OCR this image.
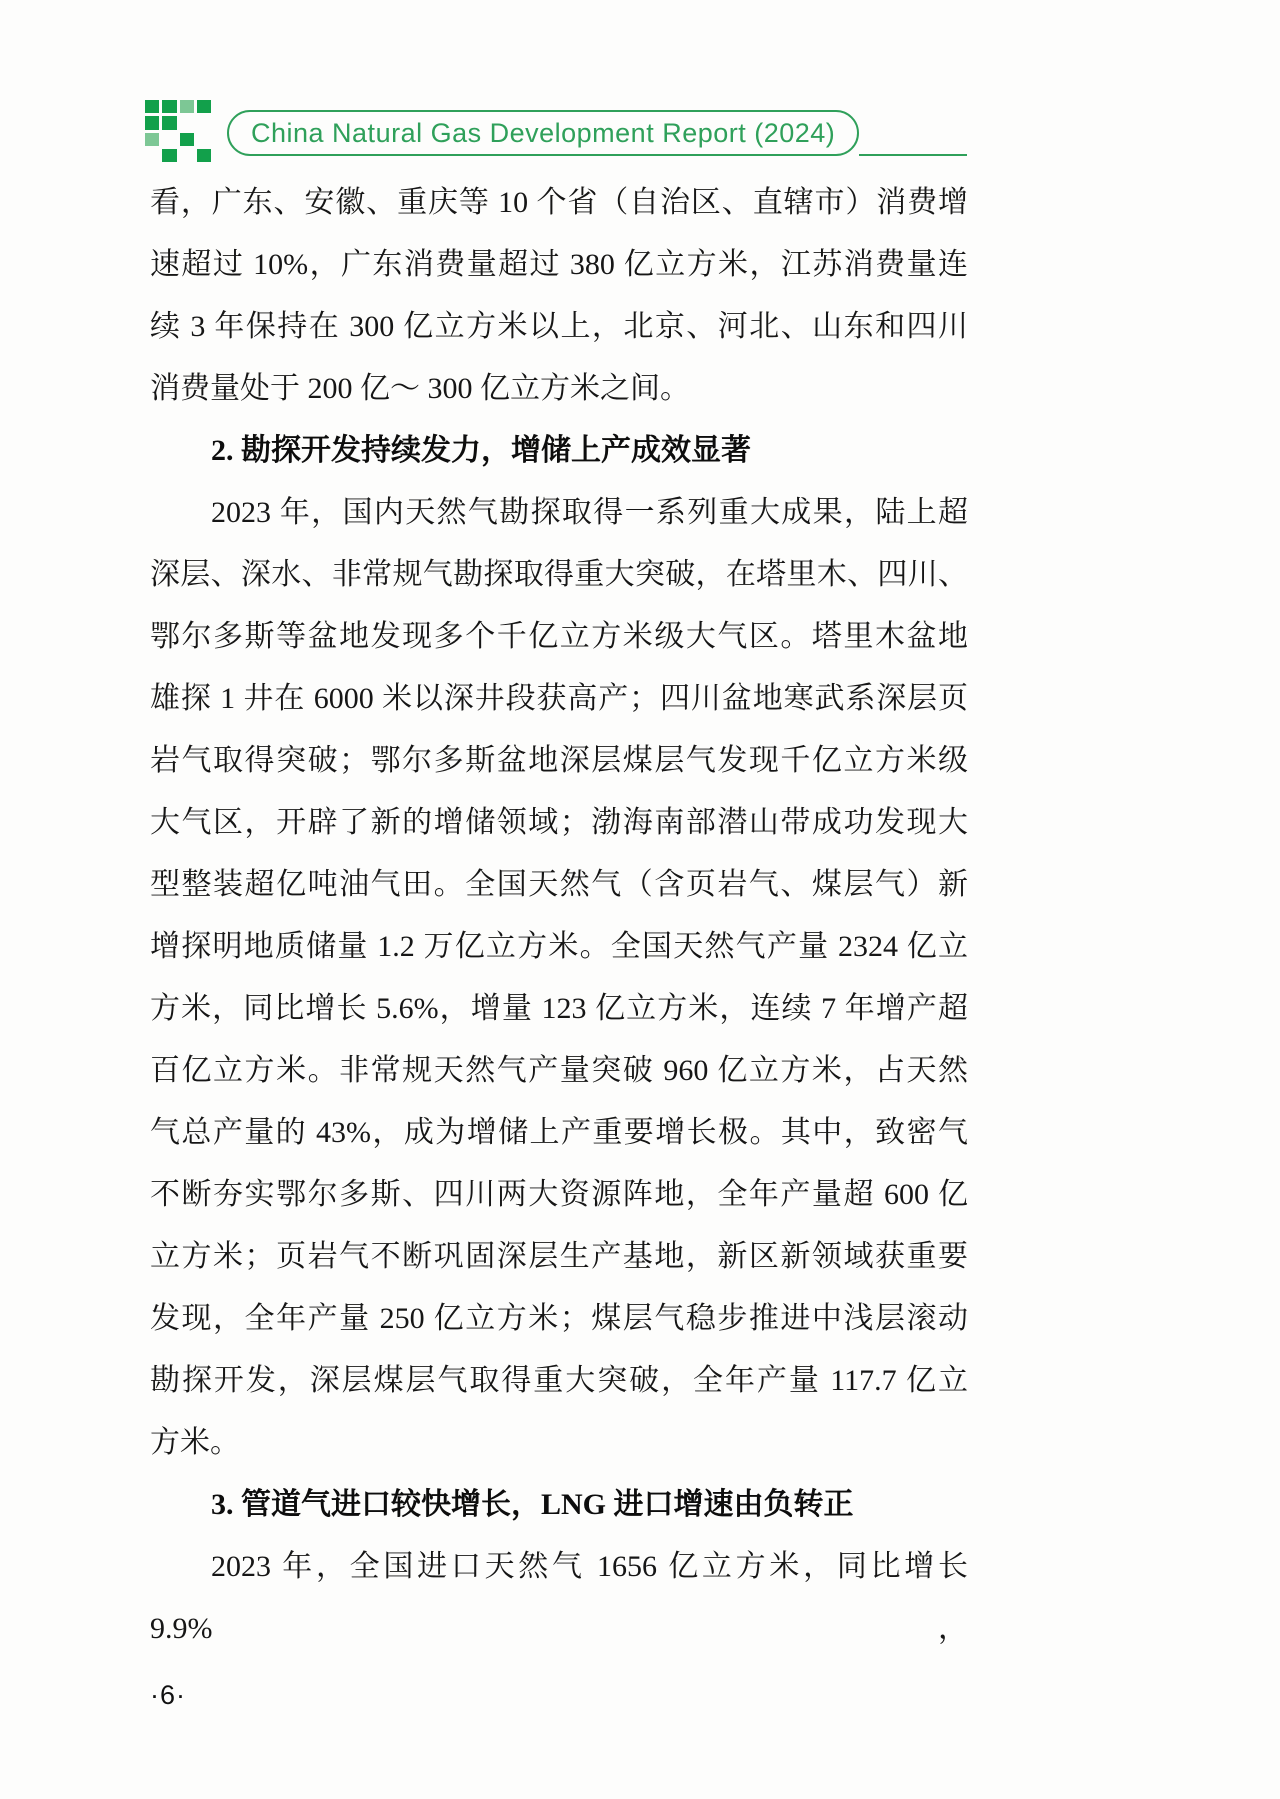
China Natural Gas Development Report (2024)
看，广东、安徽、重庆等 10 个省（自治区、直辖市）消费增
速超过 10%，广东消费量超过 380 亿立方米，江苏消费量连
续 3 年保持在 300 亿立方米以上，北京、河北、山东和四川
消费量处于 200 亿～ 300 亿立方米之间。
2. 勘探开发持续发力，增储上产成效显著
2023 年，国内天然气勘探取得一系列重大成果，陆上超
深层、深水、非常规气勘探取得重大突破，在塔里木、四川、
鄂尔多斯等盆地发现多个千亿立方米级大气区。塔里木盆地
雄探 1 井在 6000 米以深井段获高产；四川盆地寒武系深层页
岩气取得突破；鄂尔多斯盆地深层煤层气发现千亿立方米级
大气区，开辟了新的增储领域；渤海南部潜山带成功发现大
型整装超亿吨油气田。全国天然气（含页岩气、煤层气）新
增探明地质储量 1.2 万亿立方米。全国天然气产量 2324 亿立
方米，同比增长 5.6%，增量 123 亿立方米，连续 7 年增产超
百亿立方米。非常规天然气产量突破 960 亿立方米，占天然
气总产量的 43%，成为增储上产重要增长极。其中，致密气
不断夯实鄂尔多斯、四川两大资源阵地，全年产量超 600 亿
立方米；页岩气不断巩固深层生产基地，新区新领域获重要
发现，全年产量 250 亿立方米；煤层气稳步推进中浅层滚动
勘探开发，深层煤层气取得重大突破，全年产量 117.7 亿立
方米。
3. 管道气进口较快增长，LNG 进口增速由负转正
2023 年，全国进口天然气 1656 亿立方米，同比增长 9.9%，
·6·
